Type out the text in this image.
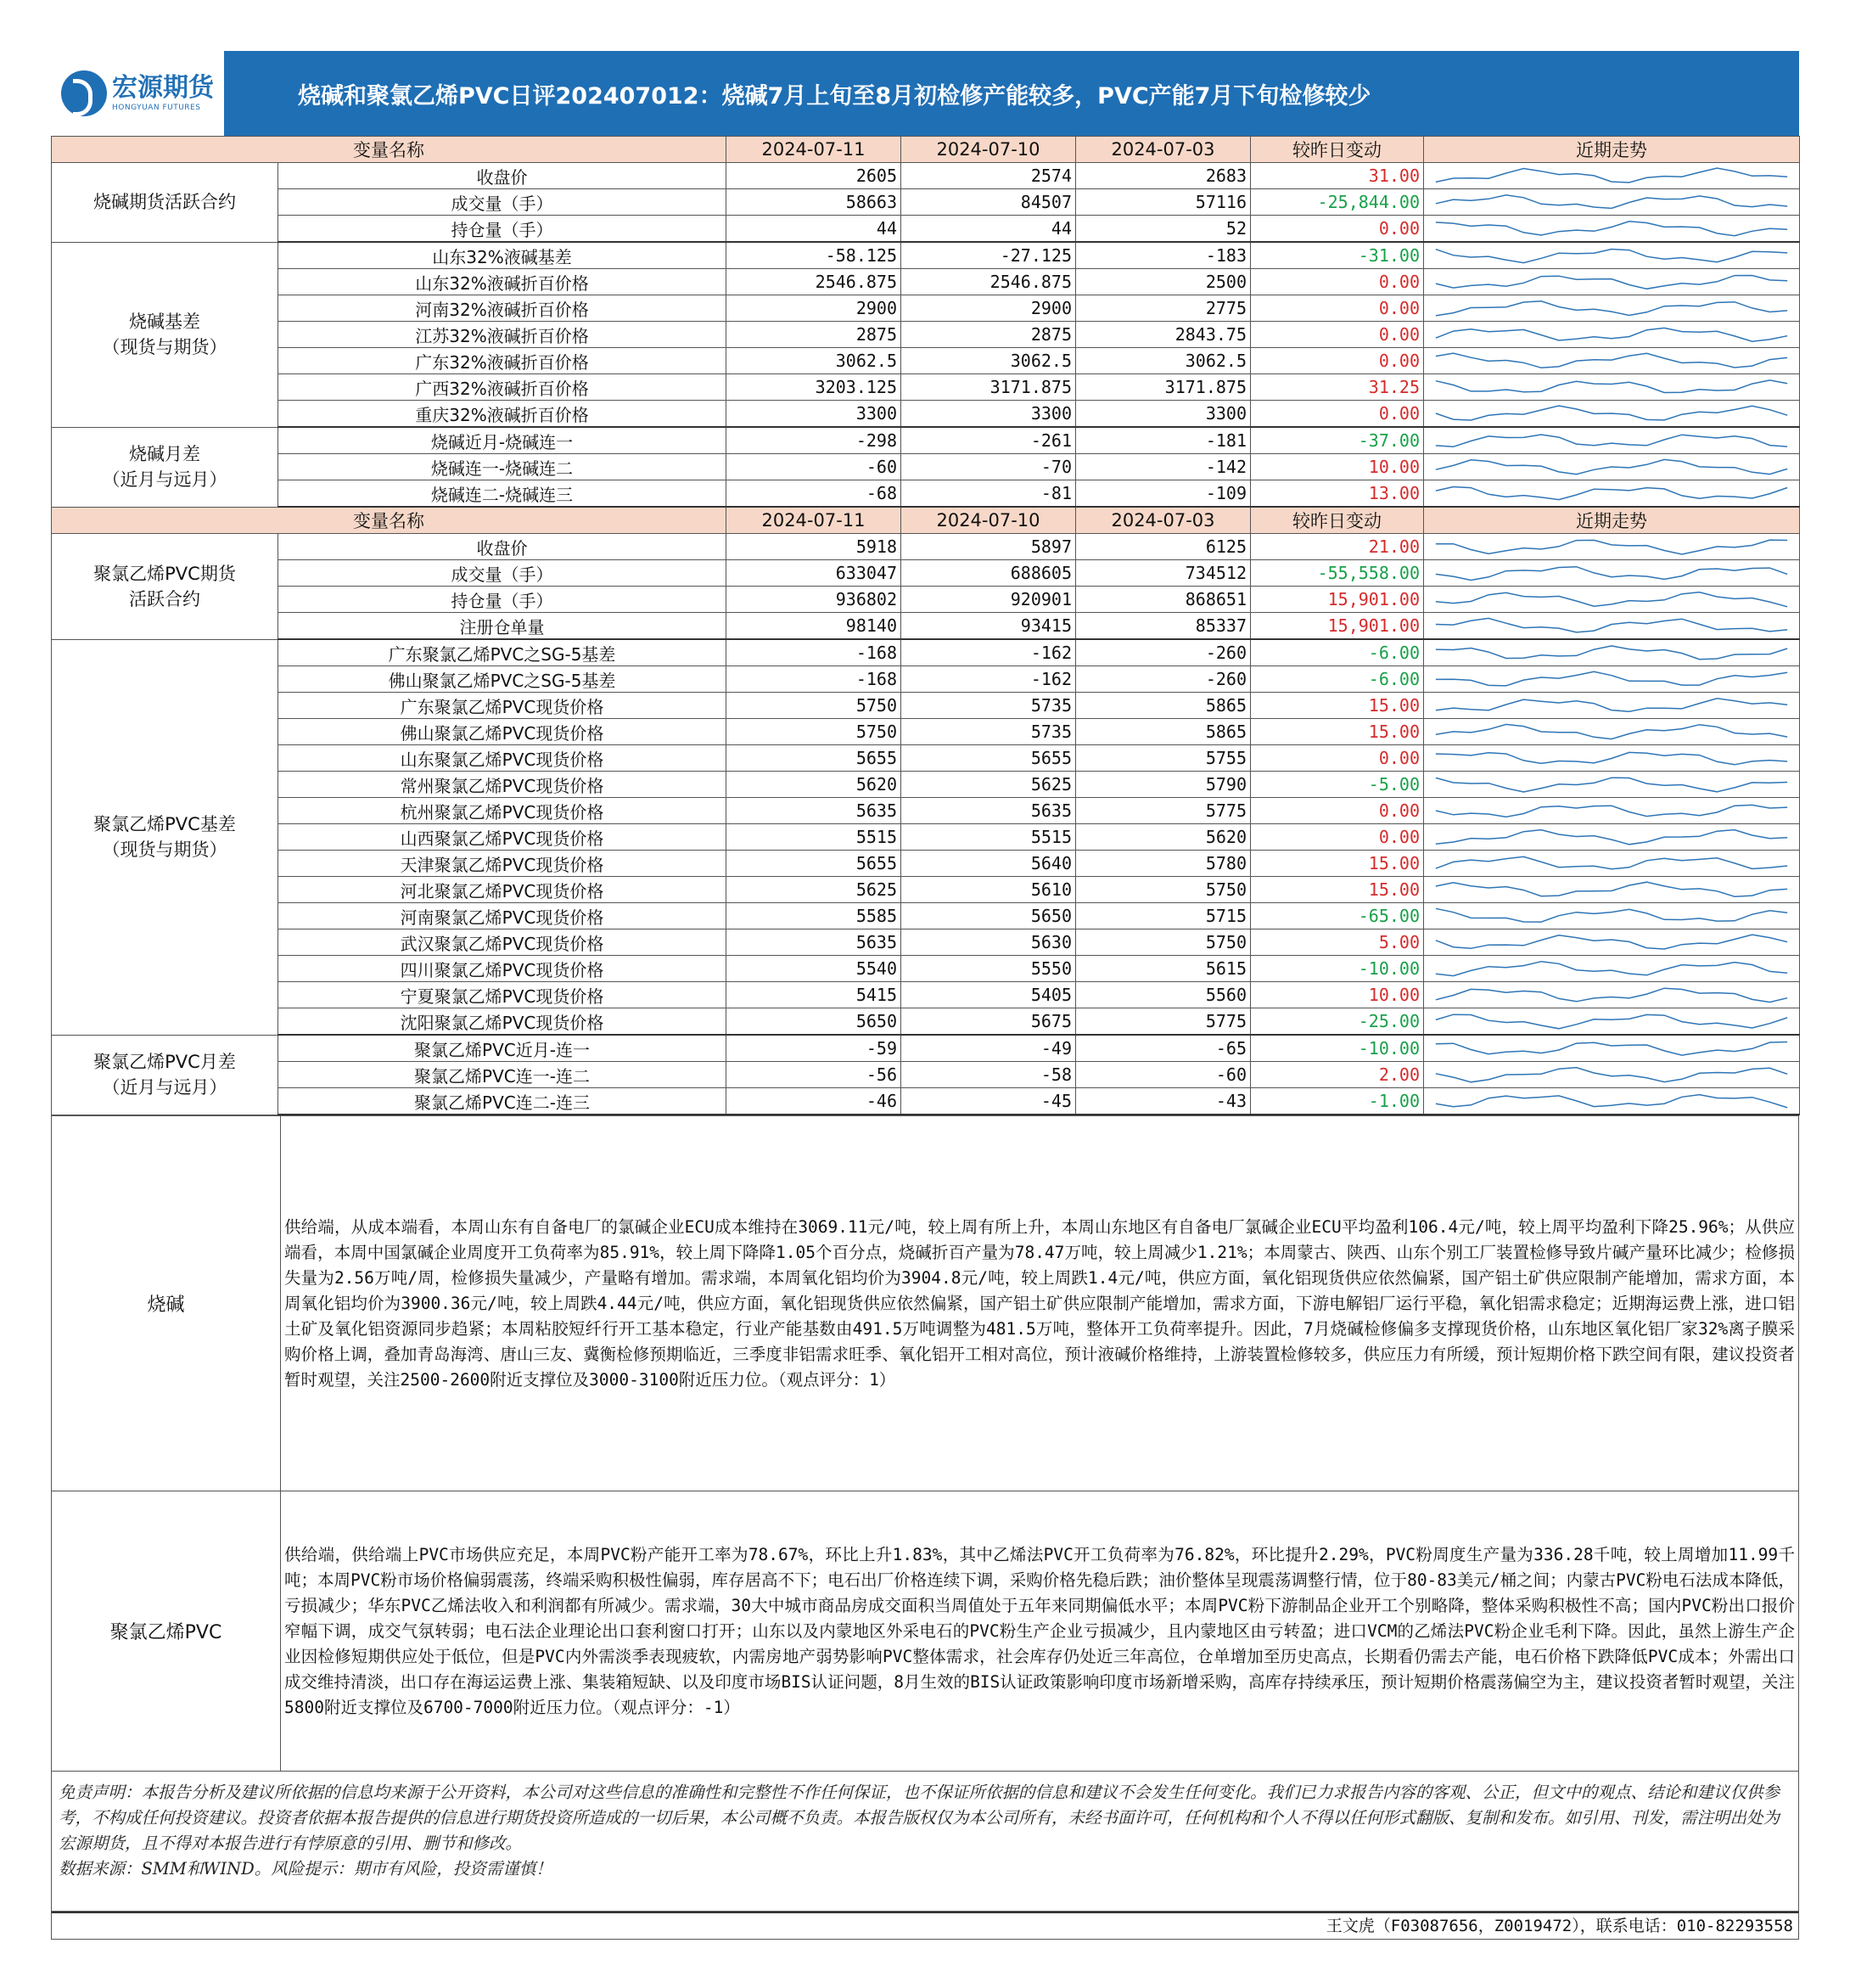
宏源期货
HONGYUAN FUTURES	烧碱和聚氯乙烯PVC日评202407012：烧碱7月上旬至8月初检修产能较多，PVC产能7月下旬检修较少
变量名称		2024-07-11	2024-07-10	2024-07-03	较昨日变动	近期走势

烧碱期货活跃合约	收盘价	2605	2574	2683	31.00	

	成交量（手）	58663	84507	57116	-25,844.00	

	持仓量（手）	44	44	52	0.00	

烧碱基差
（现货与期货）	山东32%液碱基差	-58.125	-27.125	-183	-31.00	

	山东32%液碱折百价格	2546.875	2546.875	2500	0.00	

	河南32%液碱折百价格	2900	2900	2775	0.00	

	江苏32%液碱折百价格	2875	2875	2843.75	0.00	

	广东32%液碱折百价格	3062.5	3062.5	3062.5	0.00	

	广西32%液碱折百价格	3203.125	3171.875	3171.875	31.25	

	重庆32%液碱折百价格	3300	3300	3300	0.00	

烧碱月差
（近月与远月）	烧碱近月-烧碱连一	-298	-261	-181	-37.00	

	烧碱连一-烧碱连二	-60	-70	-142	10.00	

	烧碱连二-烧碱连三	-68	-81	-109	13.00	

变量名称		2024-07-11	2024-07-10	2024-07-03	较昨日变动	近期走势

聚氯乙烯PVC期货
活跃合约	收盘价	5918	5897	6125	21.00	

	成交量（手）	633047	688605	734512	-55,558.00	

	持仓量（手）	936802	920901	868651	15,901.00	

	注册仓单量	98140	93415	85337	15,901.00	

聚氯乙烯PVC基差
（现货与期货）	广东聚氯乙烯PVC之SG-5基差	-168	-162	-260	-6.00	

	佛山聚氯乙烯PVC之SG-5基差	-168	-162	-260	-6.00	

	广东聚氯乙烯PVC现货价格	5750	5735	5865	15.00	

	佛山聚氯乙烯PVC现货价格	5750	5735	5865	15.00	

	山东聚氯乙烯PVC现货价格	5655	5655	5755	0.00	

	常州聚氯乙烯PVC现货价格	5620	5625	5790	-5.00	

	杭州聚氯乙烯PVC现货价格	5635	5635	5775	0.00	

	山西聚氯乙烯PVC现货价格	5515	5515	5620	0.00	

	天津聚氯乙烯PVC现货价格	5655	5640	5780	15.00	

	河北聚氯乙烯PVC现货价格	5625	5610	5750	15.00	

	河南聚氯乙烯PVC现货价格	5585	5650	5715	-65.00	

	武汉聚氯乙烯PVC现货价格	5635	5630	5750	5.00	

	四川聚氯乙烯PVC现货价格	5540	5550	5615	-10.00	

	宁夏聚氯乙烯PVC现货价格	5415	5405	5560	10.00	

	沈阳聚氯乙烯PVC现货价格	5650	5675	5775	-25.00	

聚氯乙烯PVC月差
（近月与远月）	聚氯乙烯PVC近月-连一	-59	-49	-65	-10.00	

	聚氯乙烯PVC连一-连二	-56	-58	-60	2.00	

	聚氯乙烯PVC连二-连三	-46	-45	-43	-1.00	
烧碱	供给端，从成本端看，本周山东有自备电厂的氯碱企业ECU成本维持在3069.11元/吨，较上周有所上升，本周山东地区有自备电厂氯碱企业ECU平均盈利106.4元/吨，较上周平均盈利下降25.96%；从供应端看，本周中国氯碱企业周度开工负荷率为85.91%，较上周下降降1.05个百分点，烧碱折百产量为78.47万吨，较上周减少1.21%；本周蒙古、陕西、山东个别工厂装置检修导致片碱产量环比减少；检修损失量为2.56万吨/周，检修损失量减少，产量略有增加。需求端，本周氧化铝均价为3904.8元/吨，较上周跌1.4元/吨，供应方面，氧化铝现货供应依然偏紧，国产铝土矿供应限制产能增加，需求方面，本周氧化铝均价为3900.36元/吨，较上周跌4.44元/吨，供应方面，氧化铝现货供应依然偏紧，国产铝土矿供应限制产能增加，需求方面，下游电解铝厂运行平稳，氧化铝需求稳定；近期海运费上涨，进口铝土矿及氧化铝资源同步趋紧；本周粘胶短纤行开工基本稳定，行业产能基数由491.5万吨调整为481.5万吨，整体开工负荷率提升。因此，7月烧碱检修偏多支撑现货价格，山东地区氧化铝厂家32%离子膜采购价格上调，叠加青岛海湾、唐山三友、冀衡检修预期临近，三季度非铝需求旺季、氧化铝开工相对高位，预计液碱价格维持，上游装置检修较多，供应压力有所缓，预计短期价格下跌空间有限，建议投资者暂时观望，关注2500-2600附近支撑位及3000-3100附近压力位。（观点评分：1）
聚氯乙烯PVC	供给端，供给端上PVC市场供应充足，本周PVC粉产能开工率为78.67%，环比上升1.83%，其中乙烯法PVC开工负荷率为76.82%，环比提升2.29%，PVC粉周度生产量为336.28千吨，较上周增加11.99千吨；本周PVC粉市场价格偏弱震荡，终端采购积极性偏弱，库存居高不下；电石出厂价格连续下调，采购价格先稳后跌；油价整体呈现震荡调整行情，位于80-83美元/桶之间；内蒙古PVC粉电石法成本降低，亏损减少；华东PVC乙烯法收入和利润都有所减少。需求端，30大中城市商品房成交面积当周值处于五年来同期偏低水平；本周PVC粉下游制品企业开工个别略降，整体采购积极性不高；国内PVC粉出口报价窄幅下调，成交气氛转弱；电石法企业理论出口套利窗口打开；山东以及内蒙地区外采电石的PVC粉生产企业亏损减少，且内蒙地区由亏转盈；进口VCM的乙烯法PVC粉企业毛利下降。因此，虽然上游生产企业因检修短期供应处于低位，但是PVC内外需淡季表现疲软，内需房地产弱势影响PVC整体需求，社会库存仍处近三年高位，仓单增加至历史高点，长期看仍需去产能，电石价格下跌降低PVC成本；外需出口成交维持清淡，出口存在海运运费上涨、集装箱短缺、以及印度市场BIS认证问题，8月生效的BIS认证政策影响印度市场新增采购，高库存持续承压，预计短期价格震荡偏空为主，建议投资者暂时观望，关注5800附近支撑位及6700-7000附近压力位。（观点评分：-1）
免责声明：本报告分析及建议所依据的信息均来源于公开资料，本公司对这些信息的准确性和完整性不作任何保证，也不保证所依据的信息和建议不会发生任何变化。我们已力求报告内容的客观、公正，但文中的观点、结论和建议仅供参考，不构成任何投资建议。投资者依据本报告提供的信息进行期货投资所造成的一切后果，本公司概不负责。本报告版权仅为本公司所有，未经书面许可，任何机构和个人不得以任何形式翻版、复制和发布。如引用、刊发，需注明出处为宏源期货，且不得对本报告进行有悖原意的引用、删节和修改。
数据来源：SMM和WIND。风险提示：期市有风险，投资需谨慎！
王文虎（F03087656，Z0019472），联系电话：010-82293558
